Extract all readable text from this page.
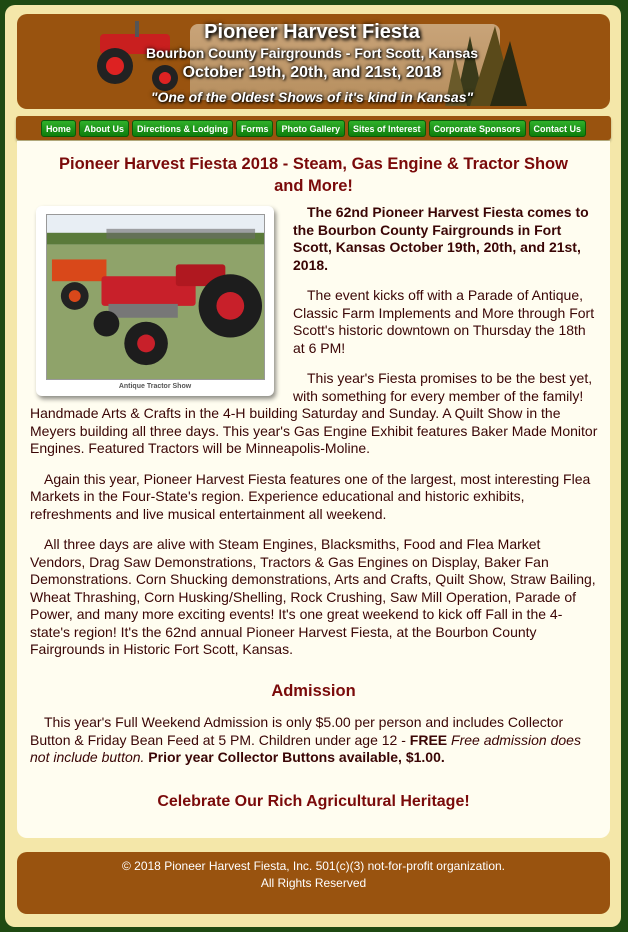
Pioneer Harvest Fiesta
Bourbon County Fairgrounds - Fort Scott, Kansas
October 19th, 20th, and 21st, 2018
"One of the Oldest Shows of it's kind in Kansas"
Home	About Us	Directions & Lodging	Forms	Photo Gallery	Sites of Interest	Corporate Sponsors	Contact Us
Pioneer Harvest Fiesta 2018 - Steam, Gas Engine & Tractor Show and More!
Antique Tractor Show

The 62nd Pioneer Harvest Fiesta comes to the Bourbon County Fairgrounds in Fort Scott, Kansas October 19th, 20th, and 21st, 2018.

The event kicks off with a Parade of Antique, Classic Farm Implements and More through Fort Scott's historic downtown on Thursday the 18th at 6 PM!

This year's Fiesta promises to be the best yet, with something for every member of the family! Handmade Arts & Crafts in the 4-H building Saturday and Sunday. A Quilt Show in the Meyers building all three days. This year's Gas Engine Exhibit features Baker Made Monitor Engines. Featured Tractors will be Minneapolis-Moline.

Again this year, Pioneer Harvest Fiesta features one of the largest, most interesting Flea Markets in the Four-State's region. Experience educational and historic exhibits, refreshments and live musical entertainment all weekend.

All three days are alive with Steam Engines, Blacksmiths, Food and Flea Market Vendors, Drag Saw Demonstrations, Tractors & Gas Engines on Display, Baker Fan Demonstrations. Corn Shucking demonstrations, Arts and Crafts, Quilt Show, Straw Bailing, Wheat Thrashing, Corn Husking/Shelling, Rock Crushing, Saw Mill Operation, Parade of Power, and many more exciting events! It's one great weekend to kick off Fall in the 4-state's region! It's the 62nd annual Pioneer Harvest Fiesta, at the Bourbon County Fairgrounds in Historic Fort Scott, Kansas.

Admission
This year's Full Weekend Admission is only $5.00 per person and includes Collector Button & Friday Bean Feed at 5 PM. Children under age 12 - FREE Free admission does not include button. Prior year Collector Buttons available, $1.00.
Celebrate Our Rich Agricultural Heritage!
© 2018 Pioneer Harvest Fiesta, Inc. 501(c)(3) not-for-profit organization.
All Rights Reserved
